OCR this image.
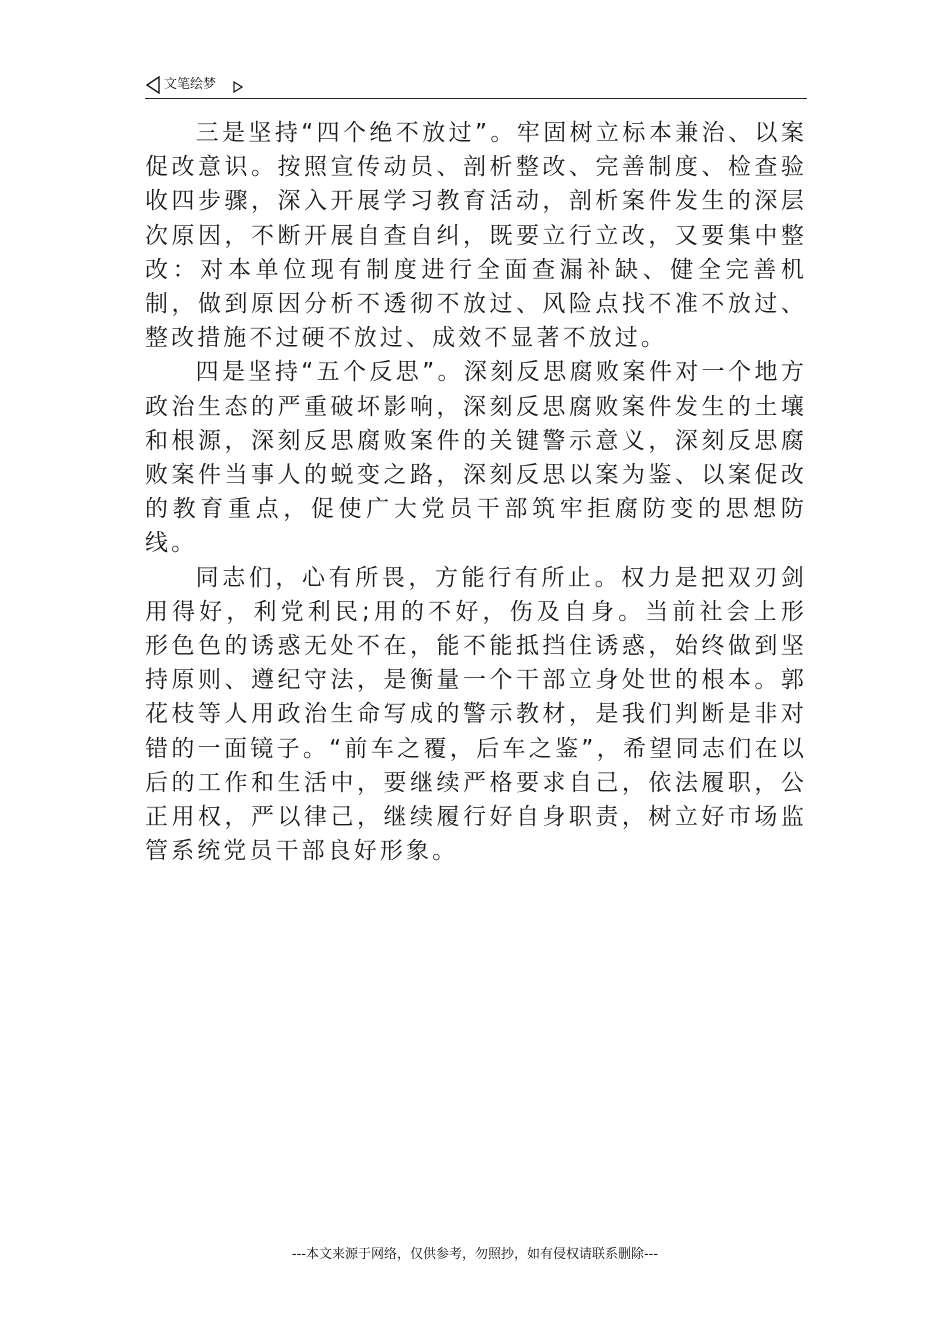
文笔绘梦

三是坚持“四个绝不放过”。牢固树立标本兼治、以案促改意识。按照宣传动员、剖析整改、完善制度、检查验收四步骤，深入开展学习教育活动，剖析案件发生的深层次原因，不断开展自查自纠，既要立行立改，又要集中整改：对本单位现有制度进行全面查漏补缺、健全完善机制，做到原因分析不透彻不放过、风险点找不准不放过、整改措施不过硬不放过、成效不显著不放过。

四是坚持“五个反思”。深刻反思腐败案件对一个地方政治生态的严重破坏影响，深刻反思腐败案件发生的土壤和根源，深刻反思腐败案件的关键警示意义，深刻反思腐败案件当事人的蜕变之路，深刻反思以案为鉴、以案促改的教育重点，促使广大党员干部筑牢拒腐防变的思想防线。

同志们，心有所畏，方能行有所止。权力是把双刃剑用得好，利党利民;用的不好，伤及自身。当前社会上形形色色的诱惑无处不在，能不能抵挡住诱惑，始终做到坚持原则、遵纪守法，是衡量一个干部立身处世的根本。郭花枝等人用政治生命写成的警示教材，是我们判断是非对错的一面镜子。“前车之覆，后车之鉴”，希望同志们在以后的工作和生活中，要继续严格要求自己，依法履职，公正用权，严以律己，继续履行好自身职责，树立好市场监管系统党员干部良好形象。

---本文来源于网络，仅供参考，勿照抄，如有侵权请联系删除---
